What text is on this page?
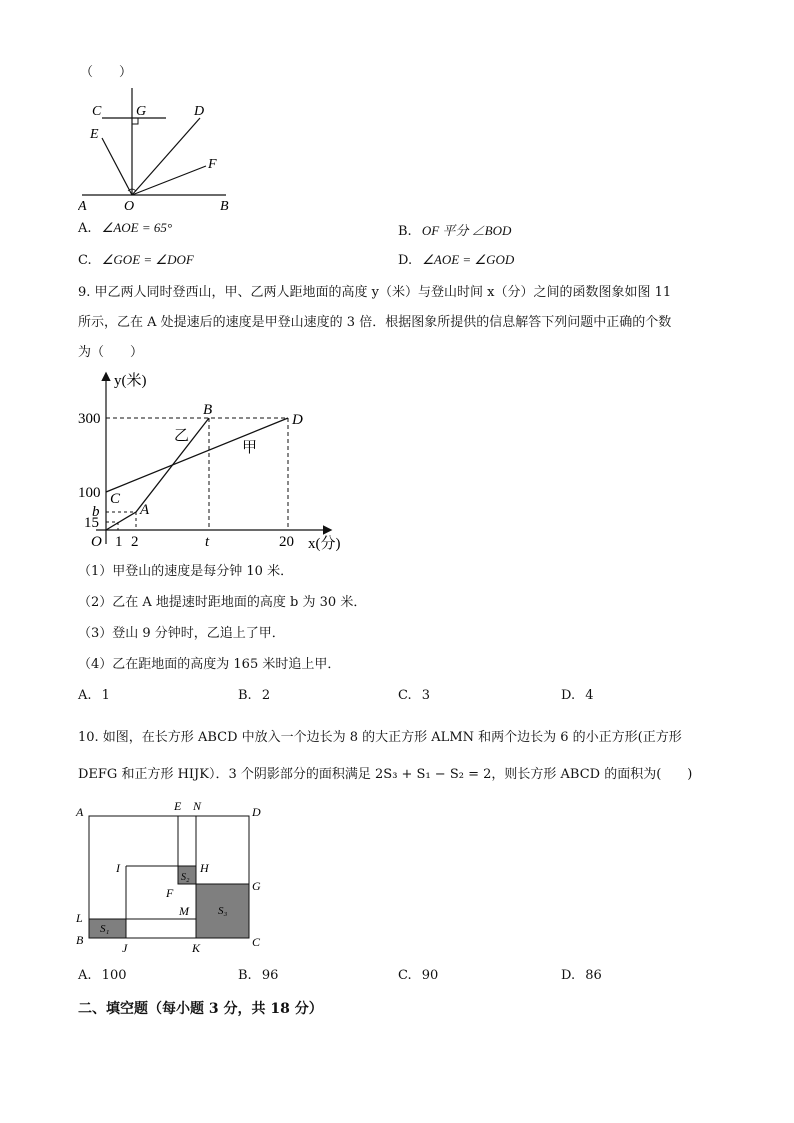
（　　）
C G	D
E
F
A	O	B
A. ∠AOE = 65°	B. OF 平分 ∠BOD
C. ∠GOE = ∠DOF	D. ∠AOE = ∠GOD
9. 甲乙两人同时登西山，甲、乙两人距地面的高度 y（米）与登山时间 x（分）之间的函数图象如图 11
所示，乙在 A 处提速后的速度是甲登山速度的 3 倍．根据图象所提供的信息解答下列问题中正确的个数
为（　　）
y(米)
x(分)
300
100
b
15
O 1 2	t	20
B
D
C
A
乙
甲
（1）甲登山的速度是每分钟 10 米．
（2）乙在 A 地提速时距地面的高度 b 为 30 米．
（3）登山 9 分钟时，乙追上了甲．
（4）乙在距地面的高度为 165 米时追上甲．
A. 1	B. 2	C. 3	D. 4
10. 如图，在长方形 ABCD 中放入一个边长为 8 的大正方形 ALMN 和两个边长为 6 的小正方形(正方形
DEFG 和正方形 HIJK）．3 个阴影部分的面积满足 2S₃ + S₁ − S₂ = 2，则长方形 ABCD 的面积为(　　)
A	E N	D
I	H
G
S₂
F
S₃
L	M
S₁
B
J	K	C
A. 100	B. 96	C. 90	D. 86
二、填空题（每小题 3 分，共 18 分）
